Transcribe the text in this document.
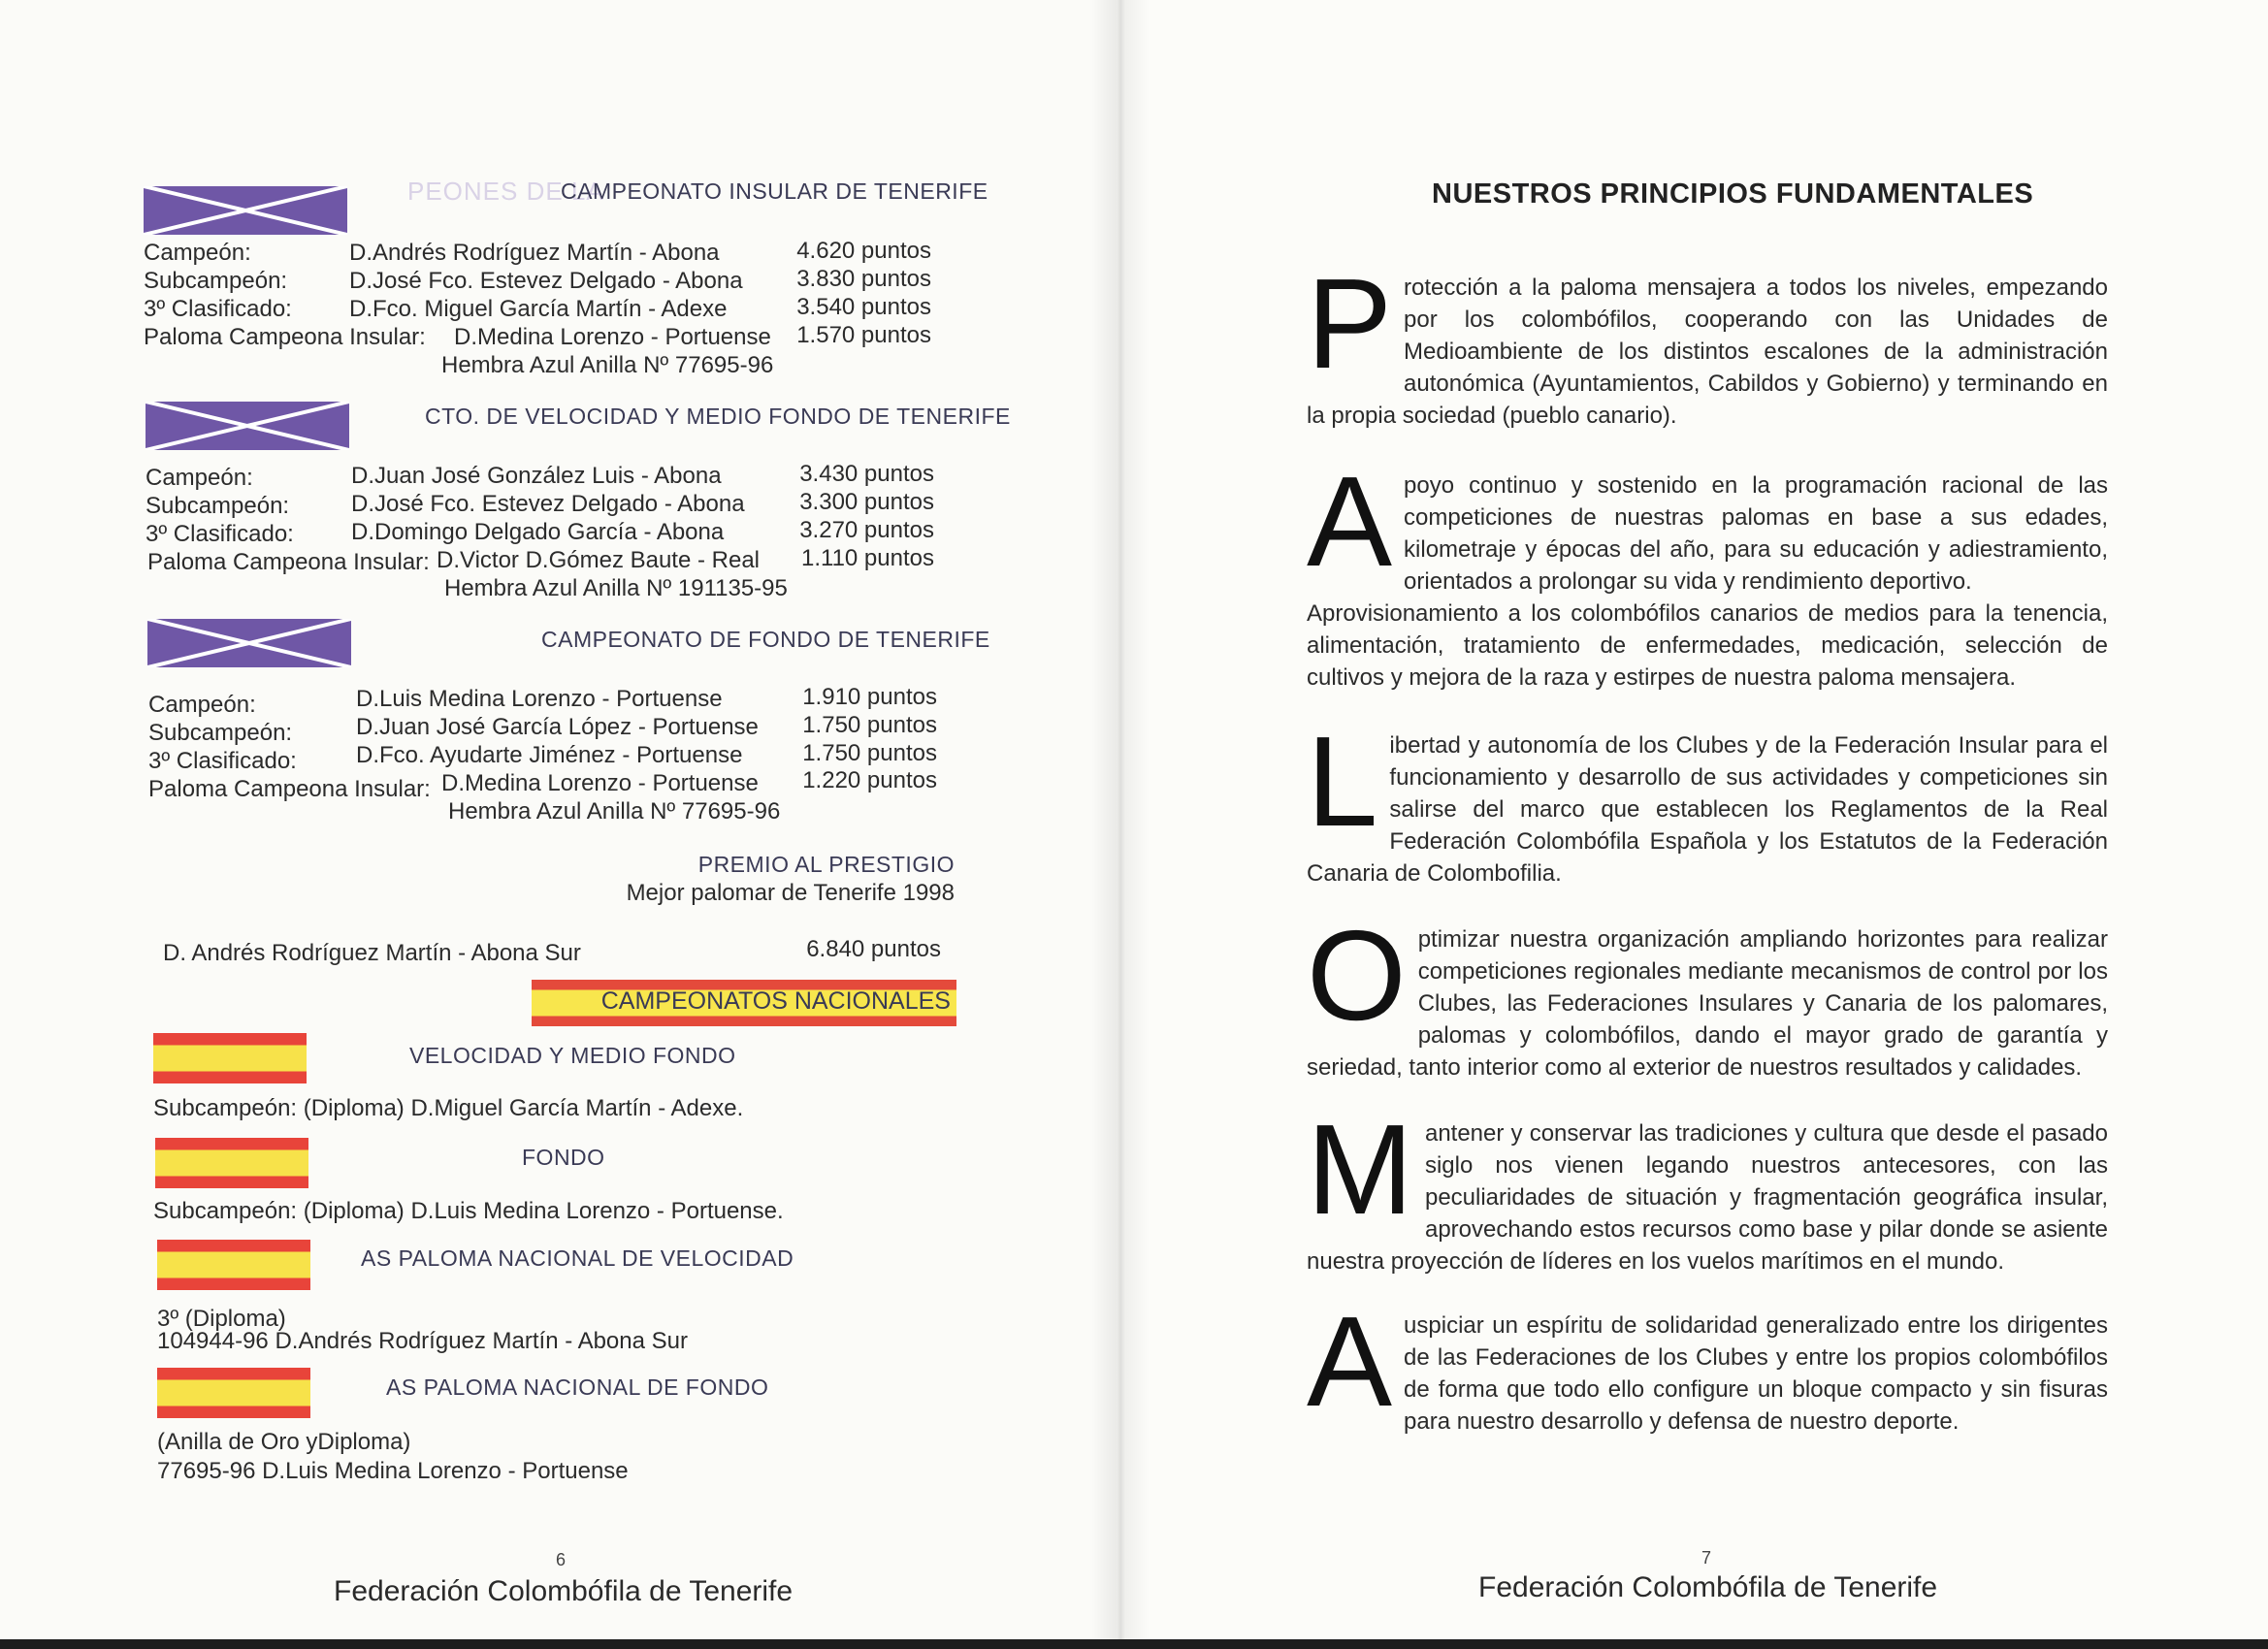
PEONES DE LA
CAMPEONATO INSULAR DE TENERIFE
Campeón:	D.Andrés Rodríguez Martín - Abona	4.620 puntos
Subcampeón:	D.José Fco. Estevez Delgado - Abona	3.830 puntos
3º Clasificado: D.Fco. Miguel García Martín - Adexe	3.540 puntos
Paloma Campeona Insular: D.Medina Lorenzo - Portuense	1.570 puntos
Hembra Azul Anilla Nº 77695-96
CTO. DE VELOCIDAD Y MEDIO FONDO DE TENERIFE
Campeón:	D.Juan José González Luis - Abona	3.430 puntos
Subcampeón:	D.José Fco. Estevez Delgado - Abona	3.300 puntos
3º Clasificado: D.Domingo Delgado García - Abona	3.270 puntos
Paloma Campeona Insular: D.Victor D.Gómez Baute - Real	1.110 puntos
Hembra Azul Anilla Nº 191135-95
CAMPEONATO DE FONDO DE TENERIFE
Campeón:	D.Luis Medina Lorenzo - Portuense	1.910 puntos
Subcampeón:	D.Juan José García López - Portuense	1.750 puntos
3º Clasificado:	D.Fco. Ayudarte Jiménez - Portuense	1.750 puntos
Paloma Campeona Insular: D.Medina Lorenzo - Portuense	1.220 puntos
Hembra Azul Anilla Nº 77695-96
PREMIO AL PRESTIGIO
Mejor palomar de Tenerife 1998
D. Andrés Rodríguez Martín - Abona Sur	6.840 puntos
CAMPEONATOS NACIONALES
VELOCIDAD Y MEDIO FONDO
Subcampeón: (Diploma) D.Miguel García Martín - Adexe.
FONDO
Subcampeón: (Diploma) D.Luis Medina Lorenzo - Portuense.
AS PALOMA NACIONAL DE VELOCIDAD
3º (Diploma)
104944-96 D.Andrés Rodríguez Martín - Abona Sur
AS PALOMA NACIONAL DE FONDO
(Anilla de Oro yDiploma)
77695-96 D.Luis Medina Lorenzo - Portuense
6
Federación Colombófila de Tenerife
NUESTROS PRINCIPIOS FUNDAMENTALES
P rotección a la paloma mensajera a todos los niveles, empezando por los colombófilos, cooperando con las Unidades de Medioambiente de los distintos escalones de la administración autonómica (Ayuntamientos, Cabildos y Gobierno) y terminando en la propia sociedad (pueblo canario).

A poyo continuo y sostenido en la programación racional de las competiciones de nuestras palomas en base a sus edades, kilometraje y épocas del año, para su educación y adiestramiento, orientados a prolongar su vida y rendimiento deportivo.

Aprovisionamiento a los colombófilos canarios de medios para la tenencia, alimentación, tratamiento de enfermedades, medicación, selección de cultivos y mejora de la raza y estirpes de nuestra paloma mensajera.

L ibertad y autonomía de los Clubes y de la Federación Insular para el funcionamiento y desarrollo de sus actividades y competiciones sin salirse del marco que establecen los Reglamentos de la Real Federación Colombófila Española y los Estatutos de la Federación Canaria de Colombofilia.

O ptimizar nuestra organización ampliando horizontes para realizar competiciones regionales mediante mecanismos de control por los Clubes, las Federaciones Insulares y Canaria de los palomares, palomas y colombófilos, dando el mayor grado de garantía y seriedad, tanto interior como al exterior de nuestros resultados y calidades.

M antener y conservar las tradiciones y cultura que desde el pasado siglo nos vienen legando nuestros antecesores, con las peculiaridades de situación y fragmentación geográfica insular, aprovechando estos recursos como base y pilar donde se asiente nuestra proyección de líderes en los vuelos marítimos en el mundo.

A uspiciar un espíritu de solidaridad generalizado entre los dirigentes de las Federaciones de los Clubes y entre los propios colombófilos de forma que todo ello configure un bloque compacto y sin fisuras para nuestro desarrollo y defensa de nuestro deporte.

7
Federación Colombófila de Tenerife
